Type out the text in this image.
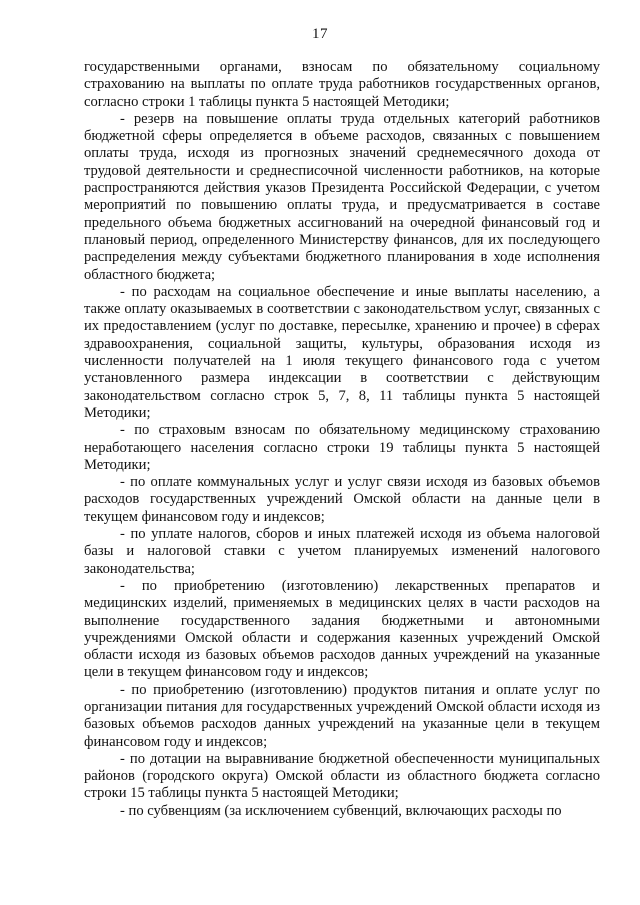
17

государственными органами, взносам по обязательному социальному страхованию на выплаты по оплате труда работников государственных органов, согласно строки 1 таблицы пункта 5 настоящей Методики;

- резерв на повышение оплаты труда отдельных категорий работников бюджетной сферы определяется в объеме расходов, связанных с повышением оплаты труда, исходя из прогнозных значений среднемесячного дохода от трудовой деятельности и среднесписочной численности работников, на которые распространяются действия указов Президента Российской Федерации, с учетом мероприятий по повышению оплаты труда, и предусматривается в составе предельного объема бюджетных ассигнований на очередной финансовый год и плановый период, определенного Министерству финансов, для их последующего распределения между субъектами бюджетного планирования в ходе исполнения областного бюджета;

- по расходам на социальное обеспечение и иные выплаты населению, а также оплату оказываемых в соответствии с законодательством услуг, связанных с их предоставлением (услуг по доставке, пересылке, хранению и прочее) в сферах здравоохранения, социальной защиты, культуры, образования исходя из численности получателей на 1 июля текущего финансового года с учетом установленного размера индексации в соответствии с действующим законодательством согласно строк 5, 7, 8, 11 таблицы пункта 5 настоящей Методики;

- по страховым взносам по обязательному медицинскому страхованию неработающего населения согласно строки 19 таблицы пункта 5 настоящей Методики;

- по оплате коммунальных услуг и услуг связи исходя из базовых объемов расходов государственных учреждений Омской области на данные цели в текущем финансовом году и индексов;

- по уплате налогов, сборов и иных платежей исходя из объема налоговой базы и налоговой ставки с учетом планируемых изменений налогового законодательства;

- по приобретению (изготовлению) лекарственных препаратов и медицинских изделий, применяемых в медицинских целях в части расходов на выполнение государственного задания бюджетными и автономными учреждениями Омской области и содержания казенных учреждений Омской области исходя из базовых объемов расходов данных учреждений на указанные цели в текущем финансовом году и индексов;

- по приобретению (изготовлению) продуктов питания и оплате услуг по организации питания для государственных учреждений Омской области исходя из базовых объемов расходов данных учреждений на указанные цели в текущем финансовом году и индексов;

- по дотации на выравнивание бюджетной обеспеченности муниципальных районов (городского округа) Омской области из областного бюджета согласно строки 15 таблицы пункта 5 настоящей Методики;

- по субвенциям (за исключением субвенций, включающих расходы по
